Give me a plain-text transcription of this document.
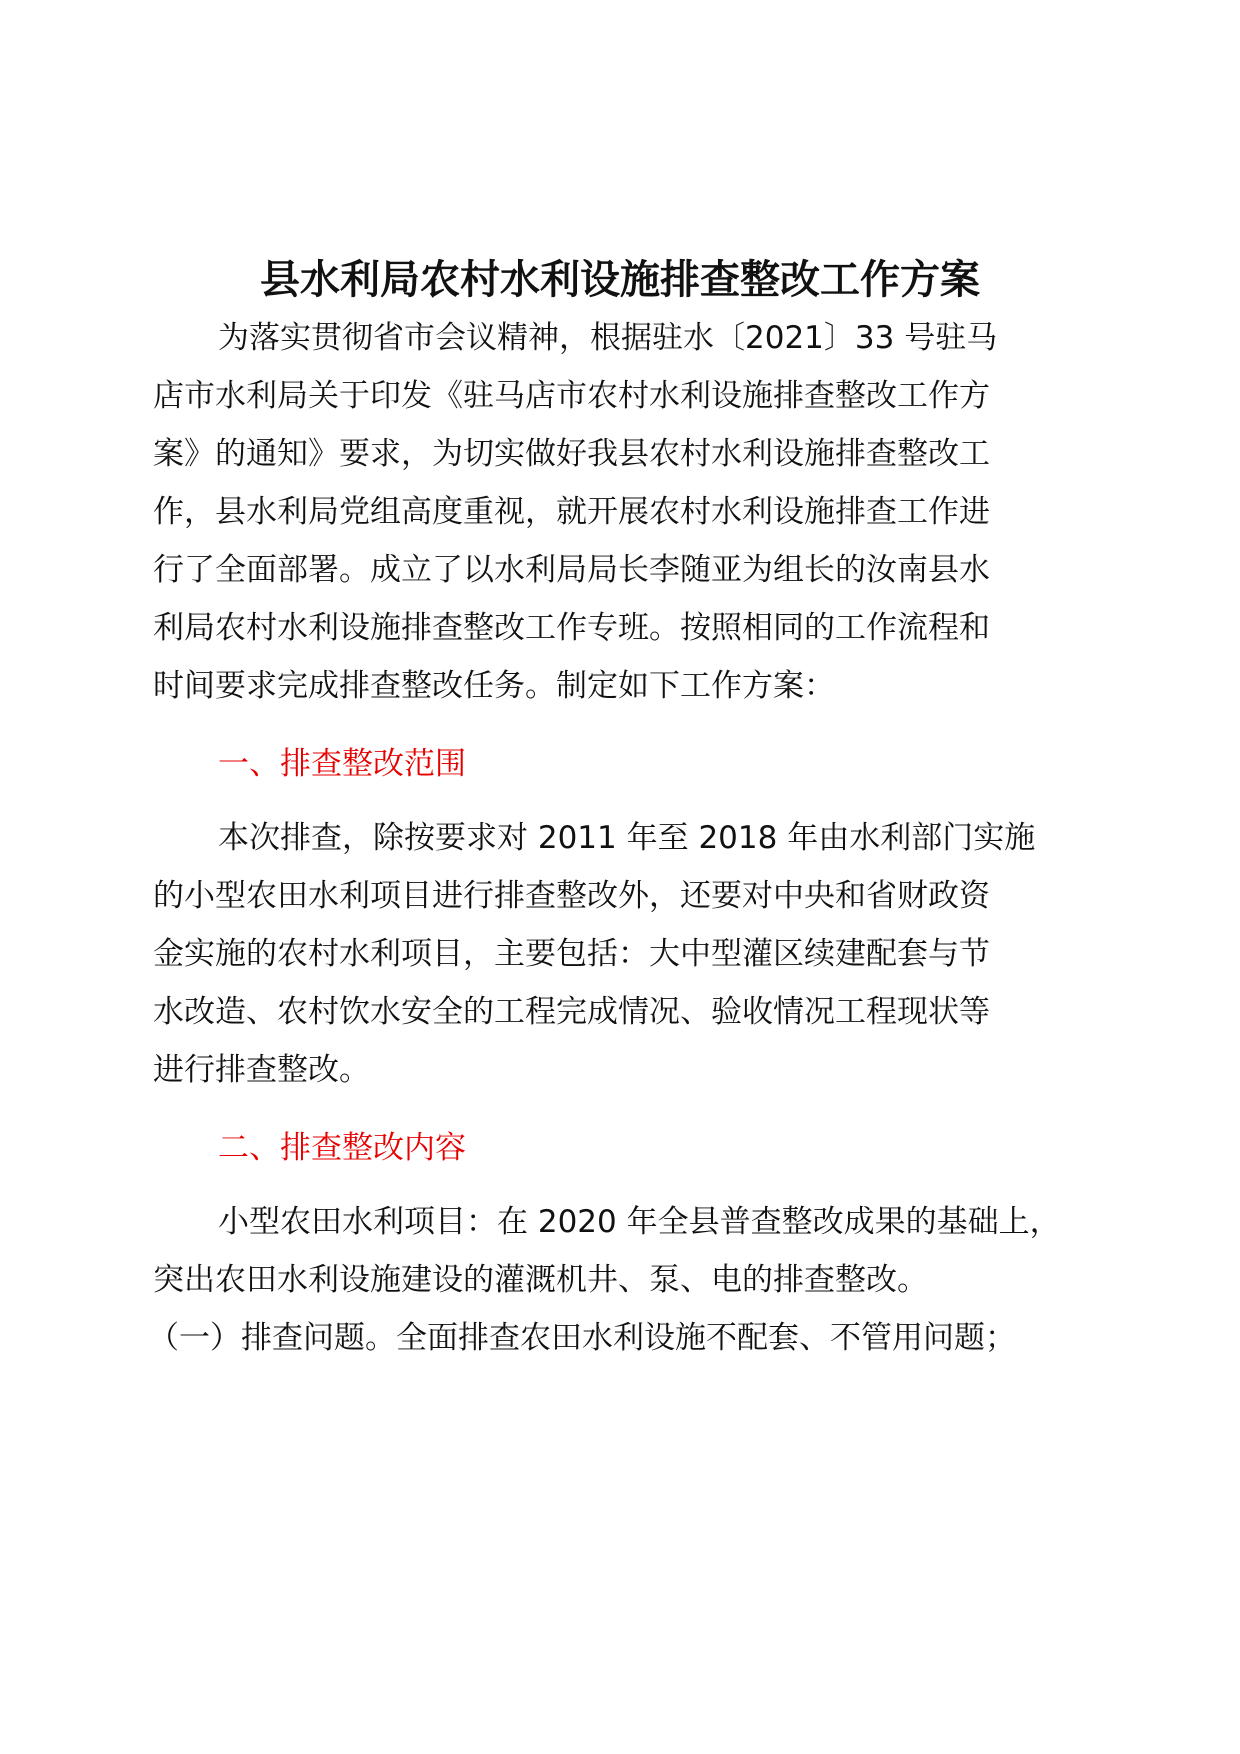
县水利局农村水利设施排查整改工作方案
为落实贯彻省市会议精神，根据驻水〔2021〕33 号驻马
店市水利局关于印发《驻马店市农村水利设施排查整改工作方
案》的通知》要求，为切实做好我县农村水利设施排查整改工
作，县水利局党组高度重视，就开展农村水利设施排查工作进
行了全面部署。成立了以水利局局长李随亚为组长的汝南县水
利局农村水利设施排查整改工作专班。按照相同的工作流程和
时间要求完成排查整改任务。制定如下工作方案：
一、排查整改范围
本次排查，除按要求对 2011 年至 2018 年由水利部门实施
的小型农田水利项目进行排查整改外，还要对中央和省财政资
金实施的农村水利项目，主要包括：大中型灌区续建配套与节
水改造、农村饮水安全的工程完成情况、验收情况工程现状等
进行排查整改。
二、排查整改内容
小型农田水利项目：在 2020 年全县普查整改成果的基础上，
突出农田水利设施建设的灌溉机井、泵、电的排查整改。
（一）排查问题。全面排查农田水利设施不配套、不管用问题；
